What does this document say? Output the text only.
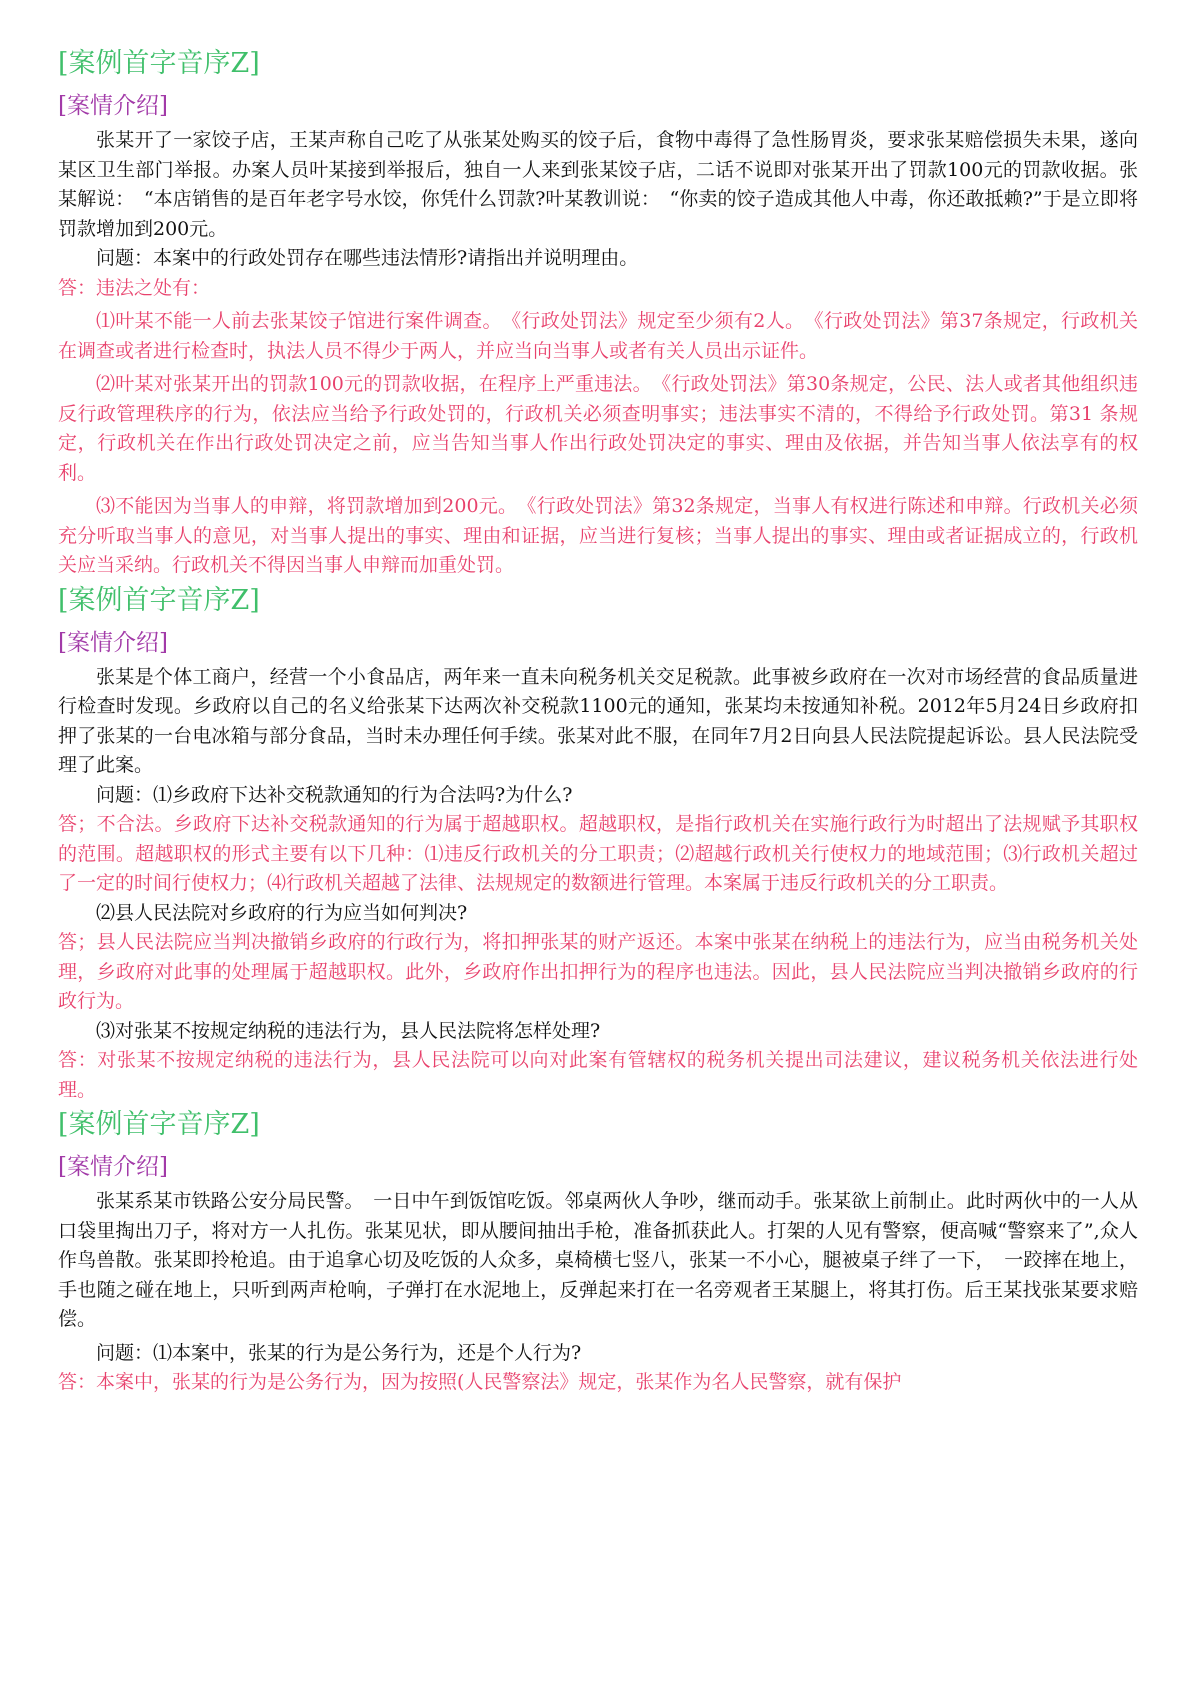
[案例首字音序Z]

[案情介绍]

张某开了一家饺子店，王某声称自己吃了从张某处购买的饺子后，食物中毒得了急性肠胃炎，要求张某赔偿损失未果，遂向某区卫生部门举报。办案人员叶某接到举报后，独自一人来到张某饺子店，二话不说即对张某开出了罚款100元的罚款收据。张某解说：　“本店销售的是百年老字号水饺，你凭什么罚款?叶某教训说：　“你卖的饺子造成其他人中毒，你还敢抵赖?”于是立即将罚款增加到200元。

问题：本案中的行政处罚存在哪些违法情形?请指出并说明理由。

答：违法之处有：

⑴叶某不能一人前去张某饺子馆进行案件调查。　《行政处罚法》规定至少须有2人。　《行政处罚法》第37条规定，行政机关在调查或者进行检查时，执法人员不得少于两人，并应当向当事人或者有关人员出示证件。

⑵叶某对张某开出的罚款100元的罚款收据，在程序上严重违法。　《行政处罚法》第30条规定，公民、法人或者其他组织违反行政管理秩序的行为，依法应当给予行政处罚的，行政机关必须查明事实；违法事实不清的，不得给予行政处罚。第31 条规定，行政机关在作出行政处罚决定之前，应当告知当事人作出行政处罚决定的事实、理由及依据，并告知当事人依法享有的权利。

⑶不能因为当事人的申辩，将罚款增加到200元。　《行政处罚法》第32条规定，当事人有权进行陈述和申辩。行政机关必须充分听取当事人的意见，对当事人提出的事实、理由和证据，应当进行复核；当事人提出的事实、理由或者证据成立的，行政机关应当采纳。行政机关不得因当事人申辩而加重处罚。

[案例首字音序Z]

[案情介绍]

张某是个体工商户，经营一个小食品店，两年来一直未向税务机关交足税款。此事被乡政府在一次对市场经营的食品质量进行检查时发现。乡政府以自己的名义给张某下达两次补交税款1100元的通知，张某均未按通知补税。2012年5月24日乡政府扣押了张某的一台电冰箱与部分食品，当时未办理任何手续。张某对此不服，在同年7月2日向县人民法院提起诉讼。县人民法院受理了此案。

问题：⑴乡政府下达补交税款通知的行为合法吗?为什么?

答；不合法。乡政府下达补交税款通知的行为属于超越职权。超越职权，是指行政机关在实施行政行为时超出了法规赋予其职权的范围。超越职权的形式主要有以下几种：⑴违反行政机关的分工职责；⑵超越行政机关行使权力的地域范围；⑶行政机关超过了一定的时间行使权力；⑷行政机关超越了法律、法规规定的数额进行管理。本案属于违反行政机关的分工职责。

⑵县人民法院对乡政府的行为应当如何判决?

答；县人民法院应当判决撤销乡政府的行政行为，将扣押张某的财产返还。本案中张某在纳税上的违法行为，应当由税务机关处理，乡政府对此事的处理属于超越职权。此外，乡政府作出扣押行为的程序也违法。因此，县人民法院应当判决撤销乡政府的行政行为。

⑶对张某不按规定纳税的违法行为，县人民法院将怎样处理?

答：对张某不按规定纳税的违法行为，县人民法院可以向对此案有管辖权的税务机关提出司法建议，建议税务机关依法进行处理。

[案例首字音序Z]

[案情介绍]

张某系某市铁路公安分局民警。　一日中午到饭馆吃饭。邻桌两伙人争吵，继而动手。张某欲上前制止。此时两伙中的一人从口袋里掏出刀子，将对方一人扎伤。张某见状，即从腰间抽出手枪，准备抓获此人。打架的人见有警察，便高喊“警察来了”,众人作鸟兽散。张某即拎枪追。由于追拿心切及吃饭的人众多，桌椅横七竖八，张某一不小心，腿被桌子绊了一下，　一跤摔在地上，手也随之碰在地上，只听到两声枪响，子弹打在水泥地上，反弹起来打在一名旁观者王某腿上，将其打伤。后王某找张某要求赔偿。

问题：⑴本案中，张某的行为是公务行为，还是个人行为?

答：本案中，张某的行为是公务行为，因为按照(人民警察法》规定，张某作为名人民警察，就有保护
